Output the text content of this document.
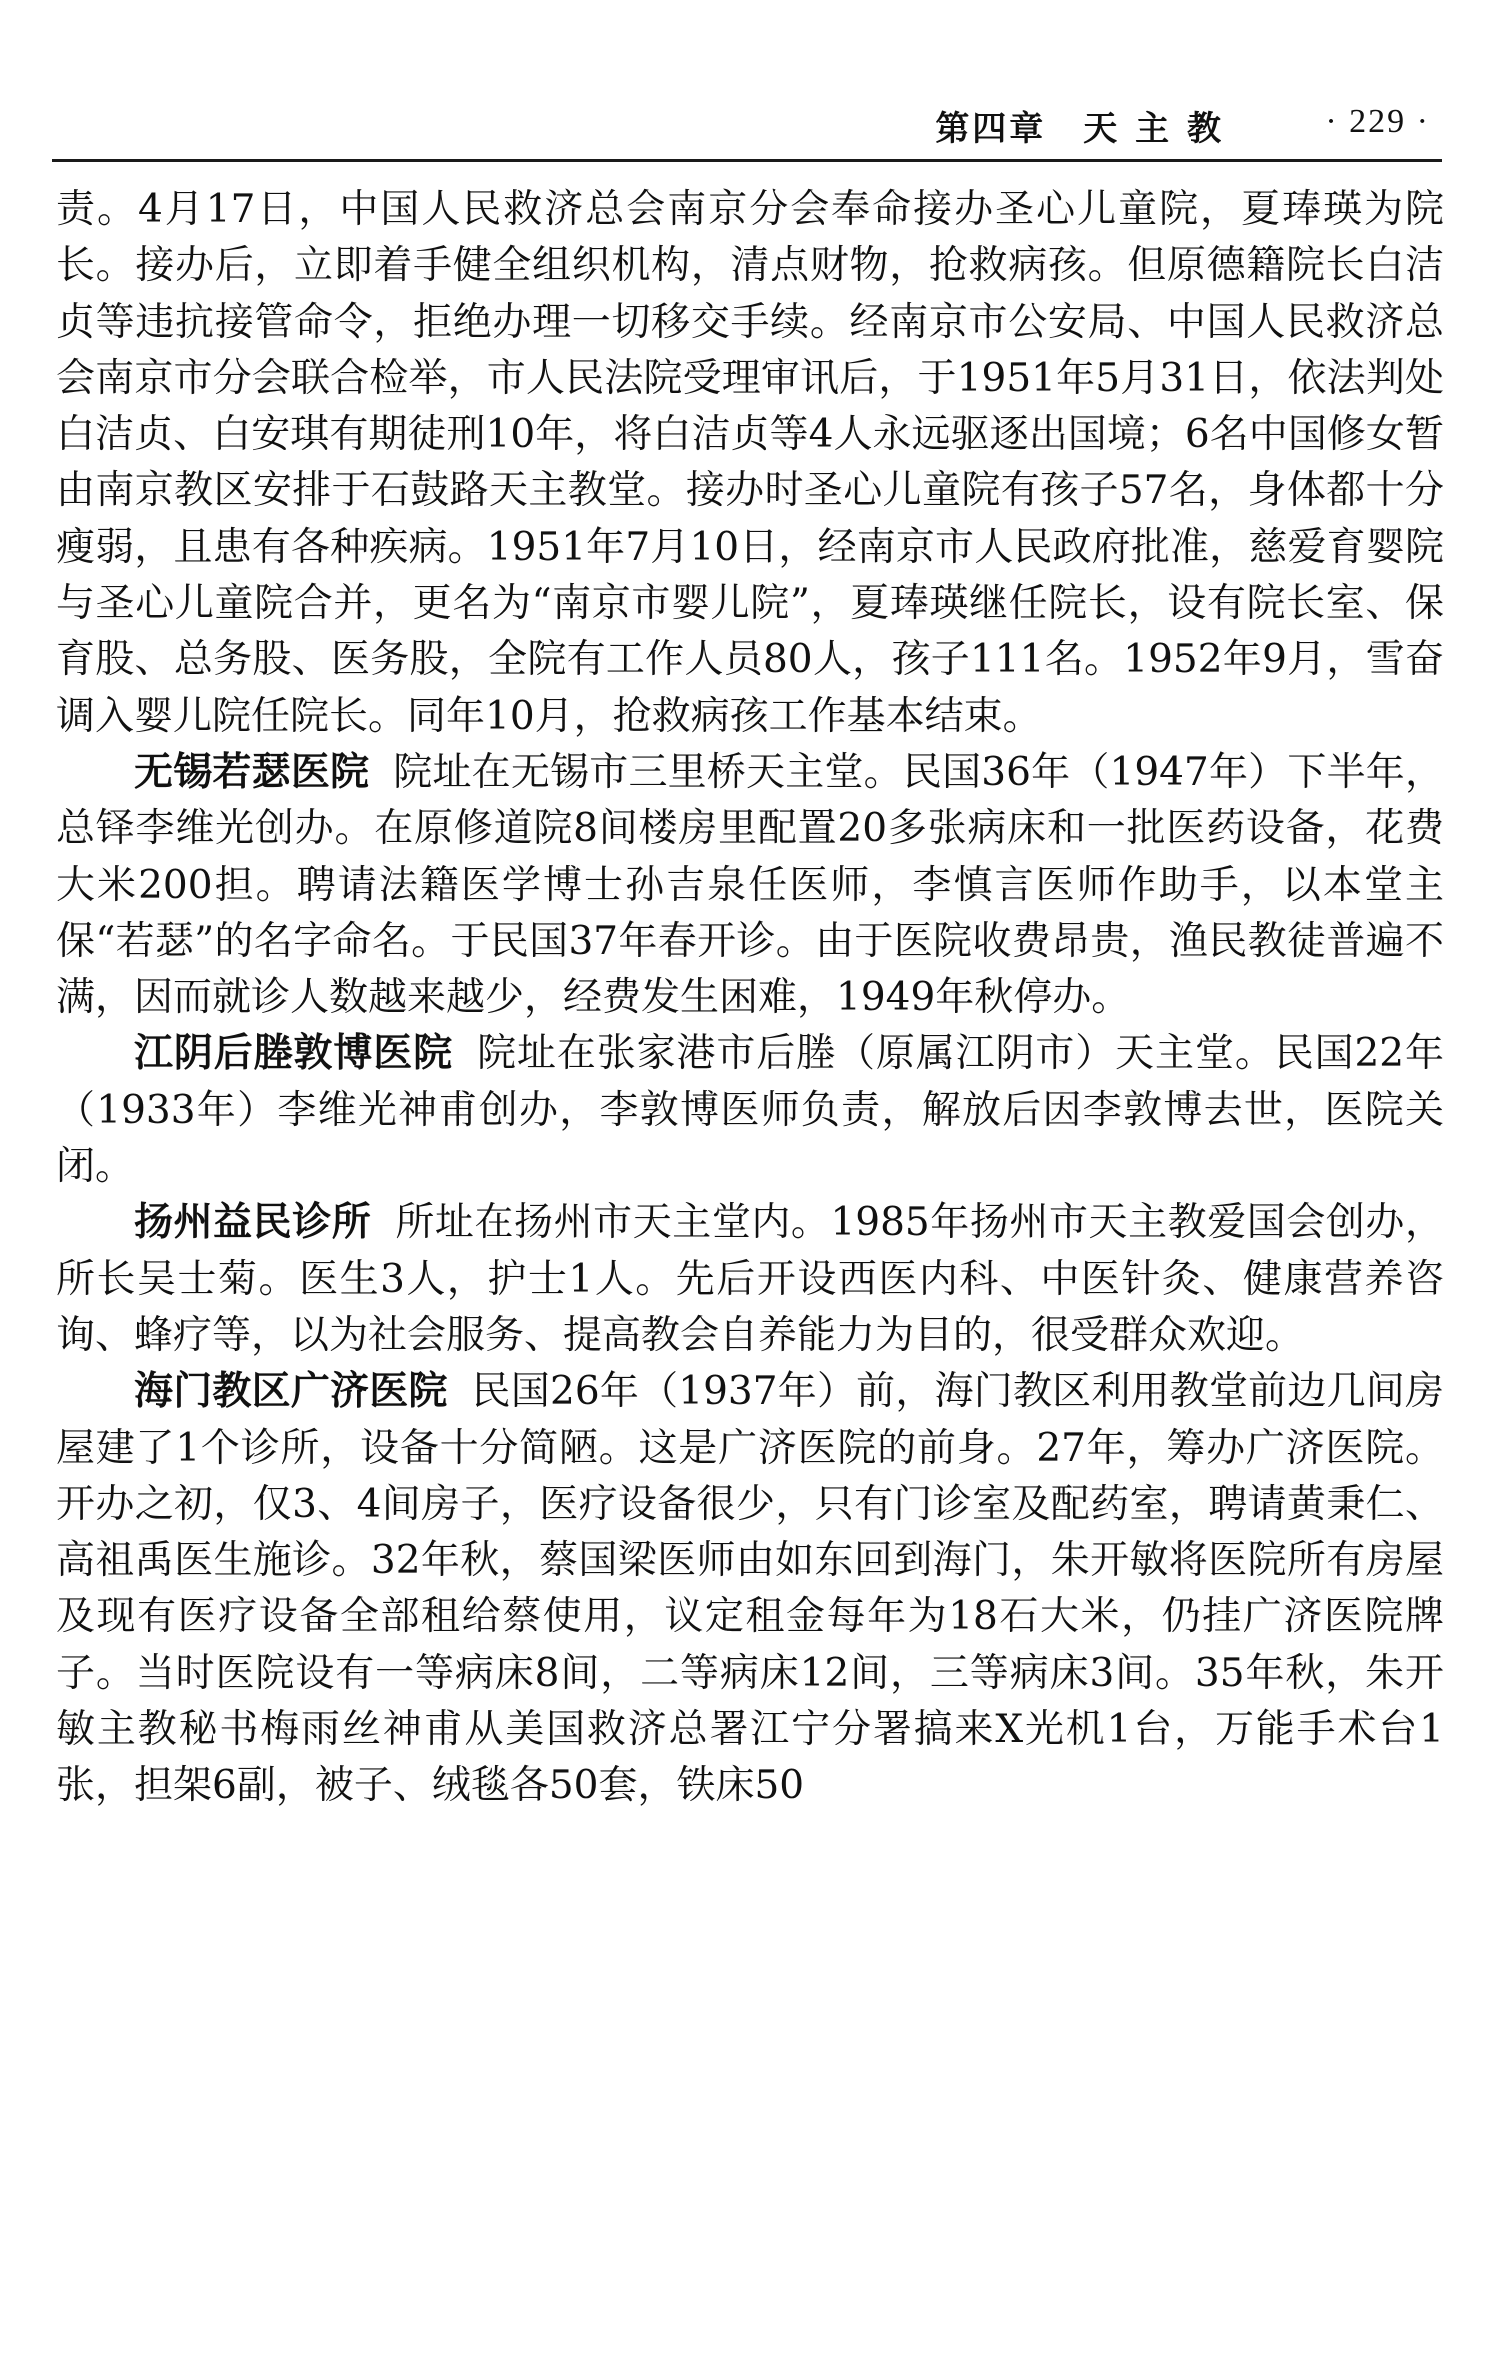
第四章　天 主 教	· 229 ·

责。4月17日，中国人民救济总会南京分会奉命接办圣心儿童院，夏琫瑛为院长。接办后，立即着手健全组织机构，清点财物，抢救病孩。但原德籍院长白洁贞等违抗接管命令，拒绝办理一切移交手续。经南京市公安局、中国人民救济总会南京市分会联合检举，市人民法院受理审讯后，于1951年5月31日，依法判处白洁贞、白安琪有期徒刑10年，将白洁贞等4人永远驱逐出国境；6名中国修女暂由南京教区安排于石鼓路天主教堂。接办时圣心儿童院有孩子57名，身体都十分瘦弱，且患有各种疾病。1951年7月10日，经南京市人民政府批准，慈爱育婴院与圣心儿童院合并，更名为“南京市婴儿院”，夏琫瑛继任院长，设有院长室、保育股、总务股、医务股，全院有工作人员80人，孩子111名。1952年9月，雪奋调入婴儿院任院长。同年10月，抢救病孩工作基本结束。

无锡若瑟医院 院址在无锡市三里桥天主堂。民国36年（1947年）下半年，总铎李维光创办。在原修道院8间楼房里配置20多张病床和一批医药设备，花费大米200担。聘请法籍医学博士孙吉泉任医师，李慎言医师作助手，以本堂主保“若瑟”的名字命名。于民国37年春开诊。由于医院收费昂贵，渔民教徒普遍不满，因而就诊人数越来越少，经费发生困难，1949年秋停办。

江阴后塍敦博医院 院址在张家港市后塍（原属江阴市）天主堂。民国22年（1933年）李维光神甫创办，李敦博医师负责，解放后因李敦博去世，医院关闭。

扬州益民诊所 所址在扬州市天主堂内。1985年扬州市天主教爱国会创办，所长吴士菊。医生3人，护士1人。先后开设西医内科、中医针灸、健康营养咨询、蜂疗等，以为社会服务、提高教会自养能力为目的，很受群众欢迎。

海门教区广济医院 民国26年（1937年）前，海门教区利用教堂前边几间房屋建了1个诊所，设备十分简陋。这是广济医院的前身。27年，筹办广济医院。开办之初，仅3、4间房子，医疗设备很少，只有门诊室及配药室，聘请黄秉仁、高祖禹医生施诊。32年秋，蔡国梁医师由如东回到海门，朱开敏将医院所有房屋及现有医疗设备全部租给蔡使用，议定租金每年为18石大米，仍挂广济医院牌子。当时医院设有一等病床8间，二等病床12间，三等病床3间。35年秋，朱开敏主教秘书梅雨丝神甫从美国救济总署江宁分署搞来X光机1台，万能手术台1张，担架6副，被子、绒毯各50套，铁床50
